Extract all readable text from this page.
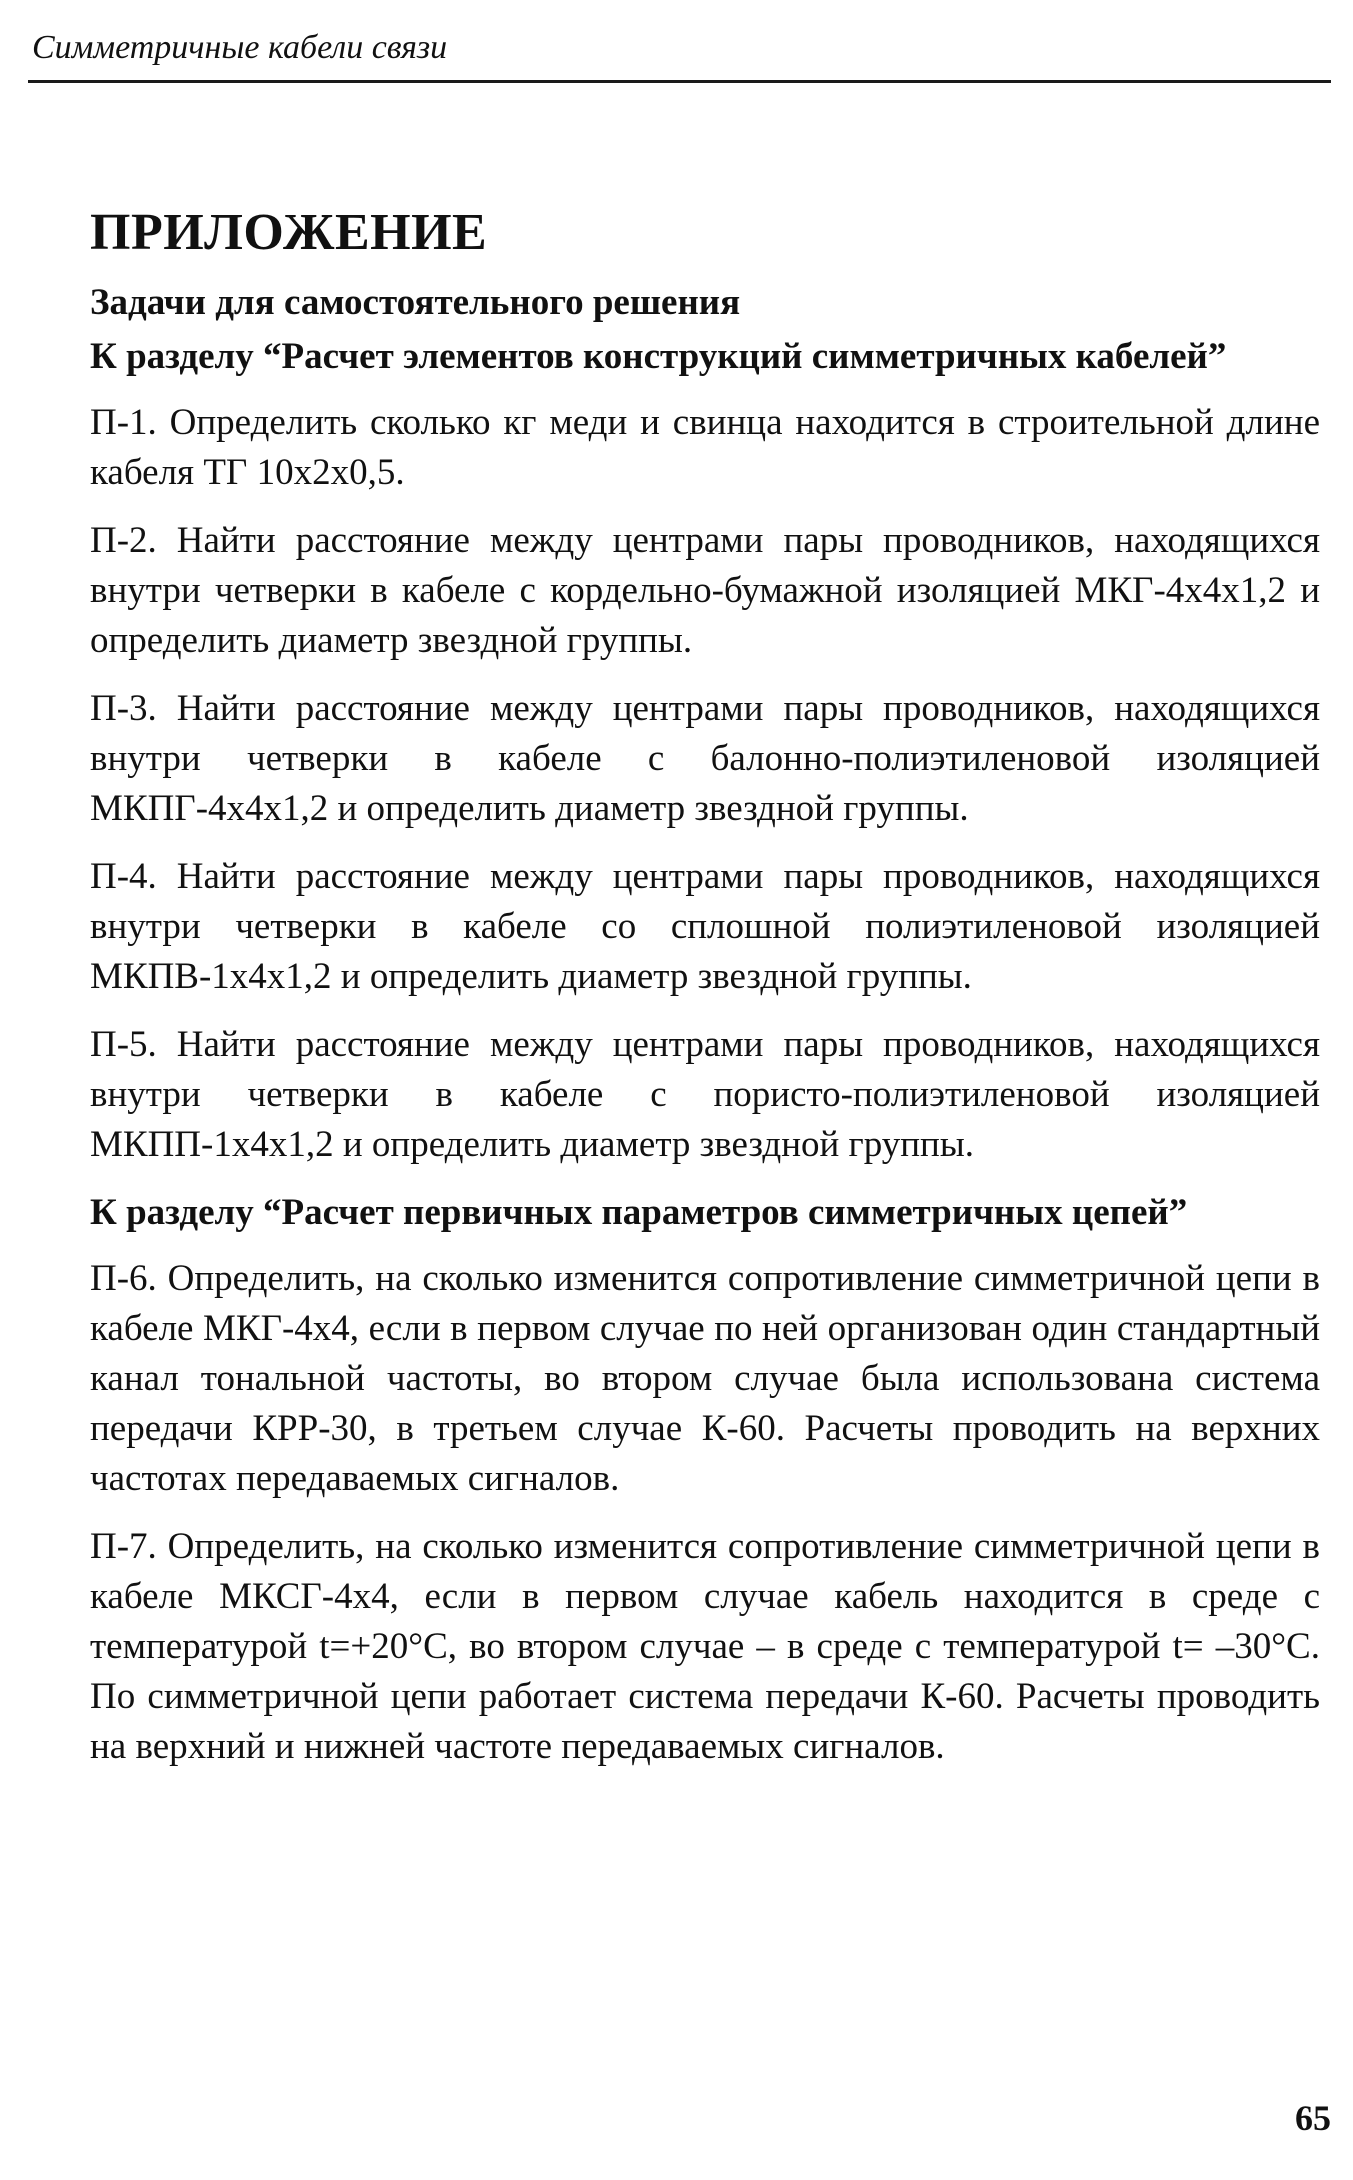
Симметричные кабели связи
ПРИЛОЖЕНИЕ
Задачи для самостоятельного решения
К разделу “Расчет элементов конструкций симметричных кабелей”

П-1. Определить сколько кг меди и свинца находится в строительной длине кабеля ТГ 10х2х0,5.

П-2. Найти расстояние между центрами пары проводников, находящихся внутри четверки в кабеле с кордельно-бумажной изоляцией МКГ-4х4х1,2 и определить диаметр звездной группы.

П-3. Найти расстояние между центрами пары проводников, находящихся внутри четверки в кабеле с балонно-полиэтиленовой изоляцией МКПГ-4х4х1,2 и определить диаметр звездной группы.

П-4. Найти расстояние между центрами пары проводников, находящихся внутри четверки в кабеле со сплошной полиэтиленовой изоляцией МКПВ-1х4х1,2 и определить диаметр звездной группы.

П-5. Найти расстояние между центрами пары проводников, находящихся внутри четверки в кабеле с пористо-полиэтиленовой изоляцией МКПП-1х4х1,2 и определить диаметр звездной группы.

К разделу “Расчет первичных параметров симметричных цепей”

П-6. Определить, на сколько изменится сопротивление симметричной цепи в кабеле МКГ-4х4, если в первом случае по ней организован один стандартный канал тональной частоты, во втором случае была использована система передачи КРР-30, в третьем случае К-60. Расчеты проводить на верхних частотах передаваемых сигналов.

П-7. Определить, на сколько изменится сопротивление симметричной цепи в кабеле МКСГ-4х4, если в первом случае кабель находится в среде с температурой t=+20°С, во втором случае – в среде с температурой t= –30°С. По симметричной цепи работает система передачи К-60. Расчеты проводить на верхний и нижней частоте передаваемых сигналов.

65
